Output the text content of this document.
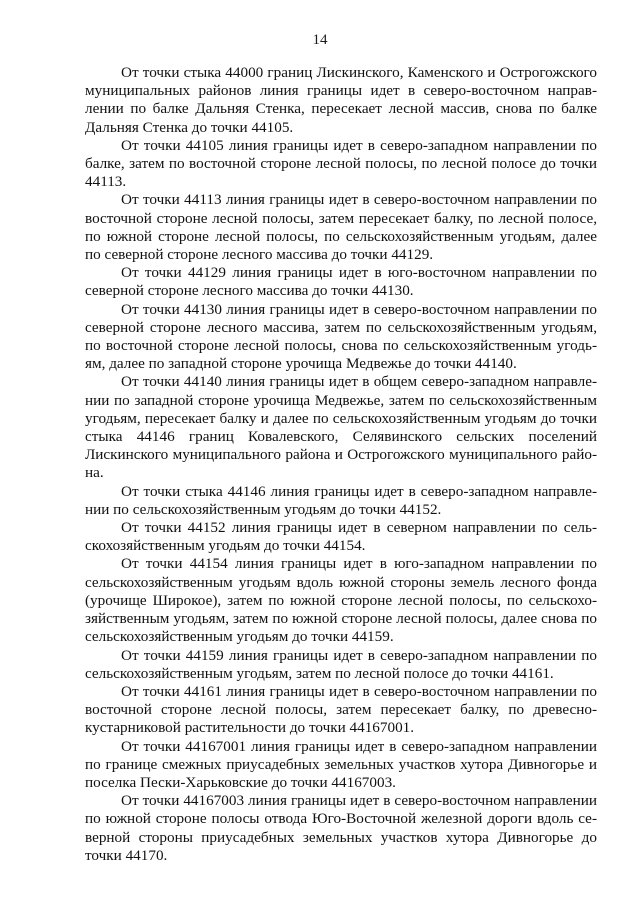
14

От точки стыка 44000 границ Лискинского, Каменского и Острогожского муниципальных районов линия границы идет в северо-восточном направлении по балке Дальняя Стенка, пересекает лесной массив, снова по балке Дальняя Стенка до точки 44105.

От точки 44105 линия границы идет в северо-западном направлении по балке, затем по восточной стороне лесной полосы, по лесной полосе до точки 44113.

От точки 44113 линия границы идет в северо-восточном направлении по восточной стороне лесной полосы, затем пересекает балку, по лесной полосе, по южной стороне лесной полосы, по сельскохозяйственным угодьям, далее по северной стороне лесного массива до точки 44129.

От точки 44129 линия границы идет в юго-восточном направлении по северной стороне лесного массива до точки 44130.

От точки 44130 линия границы идет в северо-восточном направлении по северной стороне лесного массива, затем по сельскохозяйственным угодьям, по восточной стороне лесной полосы, снова по сельскохозяйственным угодьям, далее по западной стороне урочища Медвежье до точки 44140.

От точки 44140 линия границы идет в общем северо-западном направлении по западной стороне урочища Медвежье, затем по сельскохозяйственным угодьям, пересекает балку и далее по сельскохозяйственным угодьям до точки стыка 44146 границ Ковалевского, Селявинского сельских поселений Лискинского муниципального района и Острогожского муниципального района.

От точки стыка 44146 линия границы идет в северо-западном направлении по сельскохозяйственным угодьям до точки 44152.

От точки 44152 линия границы идет в северном направлении по сельскохозяйственным угодьям до точки 44154.

От точки 44154 линия границы идет в юго-западном направлении по сельскохозяйственным угодьям вдоль южной стороны земель лесного фонда (урочище Широкое), затем по южной стороне лесной полосы, по сельскохозяйственным угодьям, затем по южной стороне лесной полосы, далее снова по сельскохозяйственным угодьям до точки 44159.

От точки 44159 линия границы идет в северо-западном направлении по сельскохозяйственным угодьям, затем по лесной полосе до точки 44161.

От точки 44161 линия границы идет в северо-восточном направлении по восточной стороне лесной полосы, затем пересекает балку, по древеснокустарниковой растительности до точки 44167001.

От точки 44167001 линия границы идет в северо-западном направлении по границе смежных приусадебных земельных участков хутора Дивногорье и поселка Пески-Харьковские до точки 44167003.

От точки 44167003 линия границы идет в северо-восточном направлении по южной стороне полосы отвода Юго-Восточной железной дороги вдоль северной стороны приусадебных земельных участков хутора Дивногорье до точки 44170.
